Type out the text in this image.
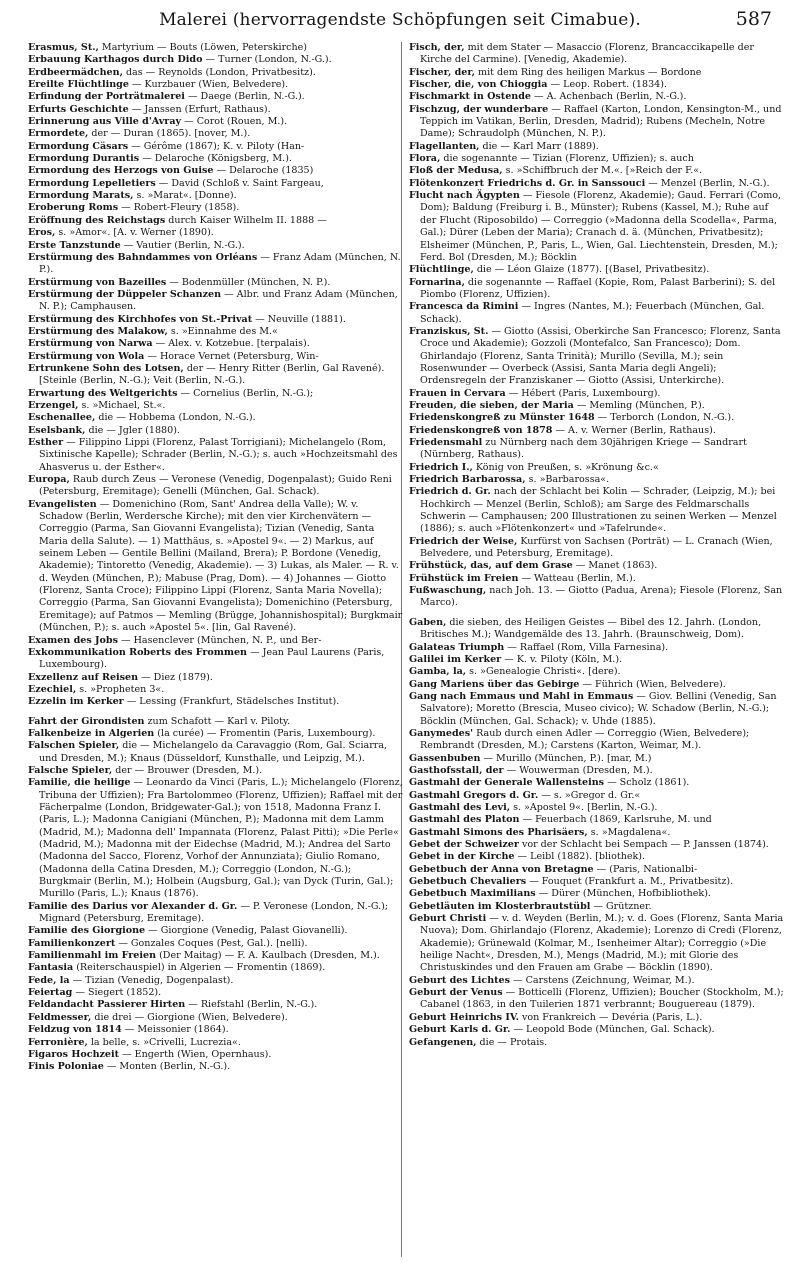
Malerei (hervorragendste Schöpfungen seit Cimabue).	587

Erasmus, St., Martyrium — Bouts (Löwen, Peterskirche)

Erbauung Karthagos durch Dido — Turner (London, N.-G.).

Erdbeermädchen, das — Reynolds (London, Privatbesitz).

Ereilte Flüchtlinge — Kurzbauer (Wien, Belvedere).

Erfindung der Porträtmalerei — Daege (Berlin, N.-G.).

Erfurts Geschichte — Janssen (Erfurt, Rathaus).

Erinnerung aus Ville d'Avray — Corot (Rouen, M.).

Ermordete, der — Duran (1865). [nover, M.).

Ermordung Cäsars — Gérôme (1867); K. v. Piloty (Han-

Ermordung Durantis — Delaroche (Königsberg, M.).

Ermordung des Herzogs von Guise — Delaroche (1835)

Ermordung Lepelletiers — David (Schloß v. Saint Fargeau,

Ermordung Marats, s. »Marat«. [Donne).

Eroberung Roms — Robert-Fleury (1858).

Eröffnung des Reichstags durch Kaiser Wilhelm II. 1888 —

Eros, s. »Amor«. [A. v. Werner (1890).

Erste Tanzstunde — Vautier (Berlin, N.-G.).

Erstürmung des Bahndammes von Orléans — Franz Adam (München, N. P.).

Erstürmung von Bazeilles — Bodenmüller (München, N. P.).

Erstürmung der Düppeler Schanzen — Albr. und Franz Adam (München, N. P.); Camphausen.

Erstürmung des Kirchhofes von St.-Privat — Neuville (1881).

Erstürmung des Malakow, s. »Einnahme des M.«

Erstürmung von Narwa — Alex. v. Kotzebue. [terpalais).

Erstürmung von Wola — Horace Vernet (Petersburg, Win-

Ertrunkene Sohn des Lotsen, der — Henry Ritter (Berlin, Gal Ravené). [Steinle (Berlin, N.-G.); Veit (Berlin, N.-G.).

Erwartung des Weltgerichts — Cornelius (Berlin, N.-G.);

Erzengel, s. »Michael, St.«.

Eschenallee, die — Hobbema (London, N.-G.).

Eselsbank, die — Jgler (1880).

Esther — Filippino Lippi (Florenz, Palast Torrigiani); Michelangelo (Rom, Sixtinische Kapelle); Schrader (Berlin, N.-G.); s. auch »Hochzeitsmahl des Ahasverus u. der Esther«.

Europa, Raub durch Zeus — Veronese (Venedig, Dogenpalast); Guido Reni (Petersburg, Eremitage); Genelli (München, Gal. Schack).

Evangelisten — Domenichino (Rom, Sant' Andrea della Valle); W. v. Schadow (Berlin, Werdersche Kirche); mit den vier Kirchenvätern — Correggio (Parma, San Giovanni Evangelista); Tizian (Venedig, Santa Maria della Salute). — 1) Matthäus, s. »Apostel 9«. — 2) Markus, auf seinem Leben — Gentile Bellini (Mailand, Brera); P. Bordone (Venedig, Akademie); Tintoretto (Venedig, Akademie). — 3) Lukas, als Maler. — R. v. d. Weyden (München, P.); Mabuse (Prag, Dom). — 4) Johannes — Giotto (Florenz, Santa Croce); Filippino Lippi (Florenz, Santa Maria Novella); Correggio (Parma, San Giovanni Evangelista); Domenichino (Petersburg, Eremitage); auf Patmos — Memling (Brügge, Johannishospital); Burgkmair (München, P.); s. auch »Apostel 5«. [lin, Gal Ravené).

Examen des Jobs — Hasenclever (München, N. P., und Ber-

Exkommunikation Roberts des Frommen — Jean Paul Laurens (Paris, Luxembourg).

Exzellenz auf Reisen — Diez (1879).

Ezechiel, s. »Propheten 3«.

Ezzelin im Kerker — Lessing (Frankfurt, Städelsches Institut).

Fahrt der Girondisten zum Schafott — Karl v. Piloty.

Falkenbeize in Algerien (la curée) — Fromentin (Paris, Luxembourg).

Falschen Spieler, die — Michelangelo da Caravaggio (Rom, Gal. Sciarra, und Dresden, M.); Knaus (Düsseldorf, Kunsthalle, und Leipzig, M.).

Falsche Spieler, der — Brouwer (Dresden, M.).

Familie, die heilige — Leonardo da Vinci (Paris, L.); Michelangelo (Florenz, Tribuna der Uffizien); Fra Bartolommeo (Florenz, Uffizien); Raffael mit der Fächerpalme (London, Bridgewater-Gal.); von 1518, Madonna Franz I. (Paris, L.); Madonna Canigiani (München, P.); Madonna mit dem Lamm (Madrid, M.); Madonna dell' Impannata (Florenz, Palast Pitti); »Die Perle« (Madrid, M.); Madonna mit der Eidechse (Madrid, M.); Andrea del Sarto (Madonna del Sacco, Florenz, Vorhof der Annunziata); Giulio Romano, (Madonna della Catina Dresden, M.); Correggio (London, N.-G.); Burgkmair (Berlin, M.); Holbein (Augsburg, Gal.); van Dyck (Turin, Gal.); Murillo (Paris, L.); Knaus (1876).

Familie des Darius vor Alexander d. Gr. — P. Veronese (London, N.-G.); Mignard (Petersburg, Eremitage).

Familie des Giorgione — Giorgione (Venedig, Palast Giovanelli).

Familienkonzert — Gonzales Coques (Pest, Gal.). [nelli).

Familienmahl im Freien (Der Maitag) — F. A. Kaulbach (Dresden, M.).

Fantasia (Reiterschauspiel) in Algerien — Fromentin (1869).

Fede, la — Tizian (Venedig, Dogenpalast).

Feiertag — Siegert (1852).

Feldandacht Passierer Hirten — Riefstahl (Berlin, N.-G.).

Feldmesser, die drei — Giorgione (Wien, Belvedere).

Feldzug von 1814 — Meissonier (1864).

Ferronière, la belle, s. »Crivelli, Lucrezia«.

Figaros Hochzeit — Engerth (Wien, Opernhaus).

Finis Poloniae — Monten (Berlin, N.-G.).

Fisch, der, mit dem Stater — Masaccio (Florenz, Brancaccikapelle der Kirche del Carmine). [Venedig, Akademie).

Fischer, der, mit dem Ring des heiligen Markus — Bordone

Fischer, die, von Chioggia — Leop. Robert. (1834).

Fischmarkt in Ostende — A. Achenbach (Berlin, N.-G.).

Fischzug, der wunderbare — Raffael (Karton, London, Kensington-M., und Teppich im Vatikan, Berlin, Dresden, Madrid); Rubens (Mecheln, Notre Dame); Schraudolph (München, N. P.).

Flagellanten, die — Karl Marr (1889).

Flora, die sogenannte — Tizian (Florenz, Uffizien); s. auch

Floß der Medusa, s. »Schiffbruch der M.«. [»Reich der F.«.

Flötenkonzert Friedrichs d. Gr. in Sanssouci — Menzel (Berlin, N.-G.).

Flucht nach Ägypten — Fiesole (Florenz, Akademie); Gaud. Ferrari (Como, Dom); Baldung (Freiburg i. B., Münster); Rubens (Kassel, M.); Ruhe auf der Flucht (Riposobildo) — Correggio (»Madonna della Scodella«, Parma, Gal.); Dürer (Leben der Maria); Cranach d. ä. (München, Privatbesitz); Elsheimer (München, P., Paris, L., Wien, Gal. Liechtenstein, Dresden, M.); Ferd. Bol (Dresden, M.); Böcklin

Flüchtlinge, die — Léon Glaize (1877). [(Basel, Privatbesitz).

Fornarina, die sogenannte — Raffael (Kopie, Rom, Palast Barberini); S. del Piombo (Florenz, Uffizien).

Francesca da Rimini — Ingres (Nantes, M.); Feuerbach (München, Gal. Schack).

Franziskus, St. — Giotto (Assisi, Oberkirche San Francesco; Florenz, Santa Croce und Akademie); Gozzoli (Montefalco, San Francesco); Dom. Ghirlandajo (Florenz, Santa Trinità); Murillo (Sevilla, M.); sein Rosenwunder — Overbeck (Assisi, Santa Maria degli Angeli); Ordensregeln der Franziskaner — Giotto (Assisi, Unterkirche).

Frauen in Cervara — Hébert (Paris, Luxembourg).

Freuden, die sieben, der Maria — Memling (München, P.).

Friedenskongreß zu Münster 1648 — Terborch (London, N.-G.).

Friedenskongreß von 1878 — A. v. Werner (Berlin, Rathaus).

Friedensmahl zu Nürnberg nach dem 30jährigen Kriege — Sandrart (Nürnberg, Rathaus).

Friedrich I., König von Preußen, s. »Krönung &c.«

Friedrich Barbarossa, s. »Barbarossa«.

Friedrich d. Gr. nach der Schlacht bei Kolin — Schrader, (Leipzig, M.); bei Hochkirch — Menzel (Berlin, Schloß); am Sarge des Feldmarschalls Schwerin — Camphausen; 200 Illustrationen zu seinen Werken — Menzel (1886); s. auch »Flötenkonzert« und »Tafelrunde«.

Friedrich der Weise, Kurfürst von Sachsen (Porträt) — L. Cranach (Wien, Belvedere, und Petersburg, Eremitage).

Frühstück, das, auf dem Grase — Manet (1863).

Frühstück im Freien — Watteau (Berlin, M.).

Fußwaschung, nach Joh. 13. — Giotto (Padua, Arena); Fiesole (Florenz, San Marco).

Gaben, die sieben, des Heiligen Geistes — Bibel des 12. Jahrh. (London, Britisches M.); Wandgemälde des 13. Jahrh. (Braunschweig, Dom).

Galateas Triumph — Raffael (Rom, Villa Farnesina).

Galilei im Kerker — K. v. Piloty (Köln, M.).

Gamba, la, s. »Genealogie Christi«. [dere).

Gang Mariens über das Gebirge — Führich (Wien, Belvedere).

Gang nach Emmaus und Mahl in Emmaus — Giov. Bellini (Venedig, San Salvatore); Moretto (Brescia, Museo civico); W. Schadow (Berlin, N.-G.); Böcklin (München, Gal. Schack); v. Uhde (1885).

Ganymedes' Raub durch einen Adler — Correggio (Wien, Belvedere); Rembrandt (Dresden, M.); Carstens (Karton, Weimar, M.).

Gassenbuben — Murillo (München, P.). [mar, M.)

Gasthofsstall, der — Wouwerman (Dresden, M.).

Gastmahl der Generale Wallensteins — Scholz (1861).

Gastmahl Gregors d. Gr. — s. »Gregor d. Gr.«

Gastmahl des Levi, s. »Apostel 9«. [Berlin, N.-G.).

Gastmahl des Platon — Feuerbach (1869, Karlsruhe, M. und

Gastmahl Simons des Pharisäers, s. »Magdalena«.

Gebet der Schweizer vor der Schlacht bei Sempach — P. Janssen (1874).

Gebet in der Kirche — Leibl (1882). [bliothek).

Gebetbuch der Anna von Bretagne — (Paris, Nationalbi-

Gebetbuch Chevaliers — Fouquet (Frankfurt a. M., Privatbesitz).

Gebetbuch Maximilians — Dürer (München, Hofbibliothek).

Gebetläuten im Klosterbrautstübl — Grützner.

Geburt Christi — v. d. Weyden (Berlin, M.); v. d. Goes (Florenz, Santa Maria Nuova); Dom. Ghirlandajo (Florenz, Akademie); Lorenzo di Credi (Florenz, Akademie); Grünewald (Kolmar, M., Isenheimer Altar); Correggio (»Die heilige Nacht«, Dresden, M.), Mengs (Madrid, M.); mit Glorie des Christuskindes und den Frauen am Grabe — Böcklin (1890).

Geburt des Lichtes — Carstens (Zeichnung, Weimar, M.).

Geburt der Venus — Botticelli (Florenz, Uffizien); Boucher (Stockholm, M.); Cabanel (1863, in den Tuilerien 1871 verbrannt; Bouguereau (1879).

Geburt Heinrichs IV. von Frankreich — Devéria (Paris, L.).

Geburt Karls d. Gr. — Leopold Bode (München, Gal. Schack).

Gefangenen, die — Protais.
